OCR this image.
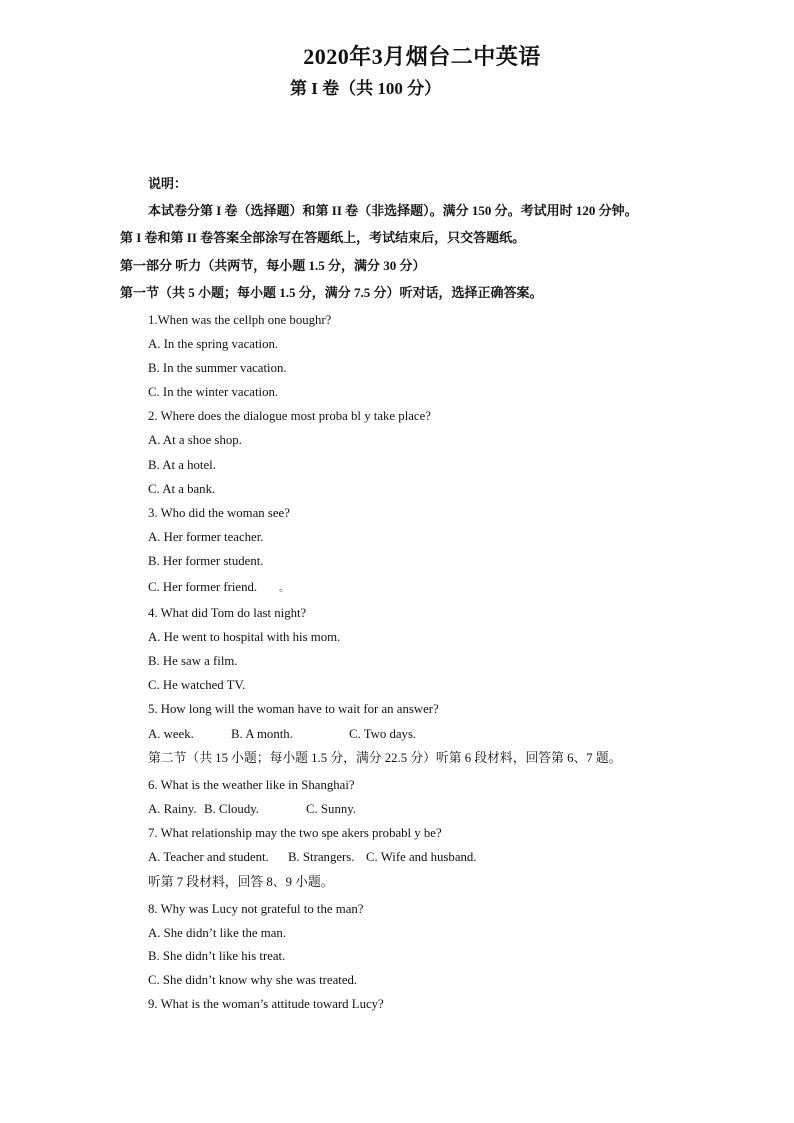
2020年3月烟台二中英语
第 I 卷（共 100 分）
说明：
本试卷分第 I 卷（选择题）和第 II 卷（非选择题）。满分 150 分。考试用时 120 分钟。
第 I 卷和第 II 卷答案全部涂写在答题纸上，考试结束后，只交答题纸。
第一部分 听力（共两节，每小题 1.5 分，满分 30 分）
第一节（共 5 小题；每小题 1.5 分，满分 7.5 分）听对话，选择正确答案。
1.When was the cellph one boughr?
A. In the spring vacation.
B. In the summer vacation.
C. In the winter vacation.
2. Where does the dialogue most proba bl y take place?
A. At a shoe shop.
B. At a hotel.
C. At a bank.
3. Who did the woman see?
A. Her former teacher.
B. Her former student.
C. Her former friend. 。
4. What did Tom do last night?
A. He went to hospital with his mom.
B. He saw a film.
C. He watched TV.
5. How long will the woman have to wait for an answer?
A. week.	B. A month.	C. Two days.
第二节（共 15 小题；每小题 1.5 分，满分 22.5 分）听第 6 段材料，回答第 6、7 题。
6. What is the weather like in Shanghai?
A. Rainy. B. Cloudy.	C. Sunny.
7. What relationship may the two spe akers probabl y be?
A. Teacher and student. B. Strangers. C. Wife and husband.
听第 7 段材料，回答 8、9 小题。
8. Why was Lucy not grateful to the man?
A. She didn’t like the man.
B. She didn’t like his treat.
C. She didn’t know why she was treated.
9. What is the woman’s attitude toward Lucy?
